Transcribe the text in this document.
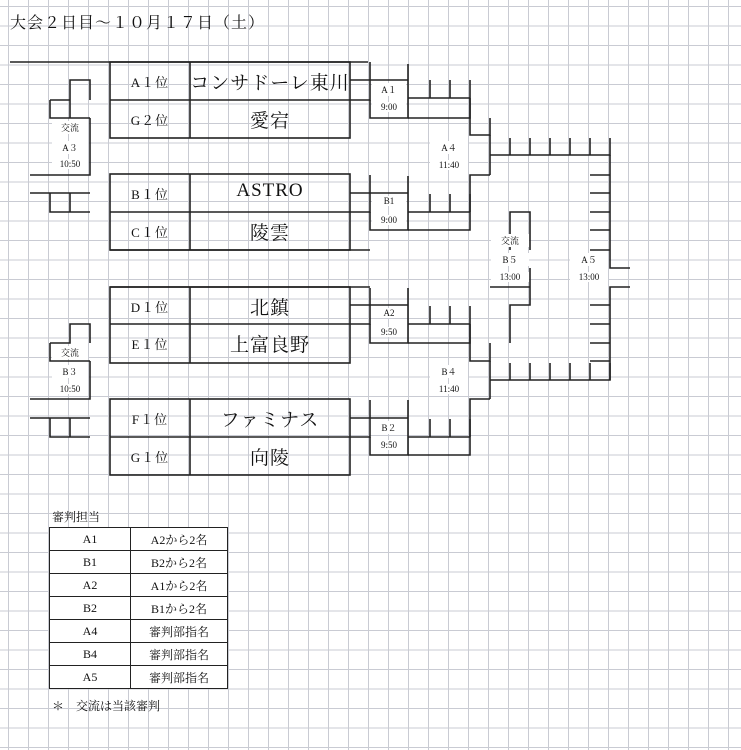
大会２日目〜１０月１７日（土）
A１位	コンサドーレ東川
G２位	愛宕
B１位	ASTRO
C１位	陵雲
D１位	北鎮
E１位	上富良野
F１位	ファミナス
G１位	向陵
A１
9:00
B1
9:00
A2
9:50
B２
9:50
交流
A３
10:50
交流
B３
10:50
A４
11:40
B４
11:40
交流
B５
13:00
A５
13:00
審判担当
A1	A2から2名
B1	B2から2名
A2	A1から2名
B2	B1から2名
A4	審判部指名
B4	審判部指名
A5	審判部指名
＊　交流は当該審判
